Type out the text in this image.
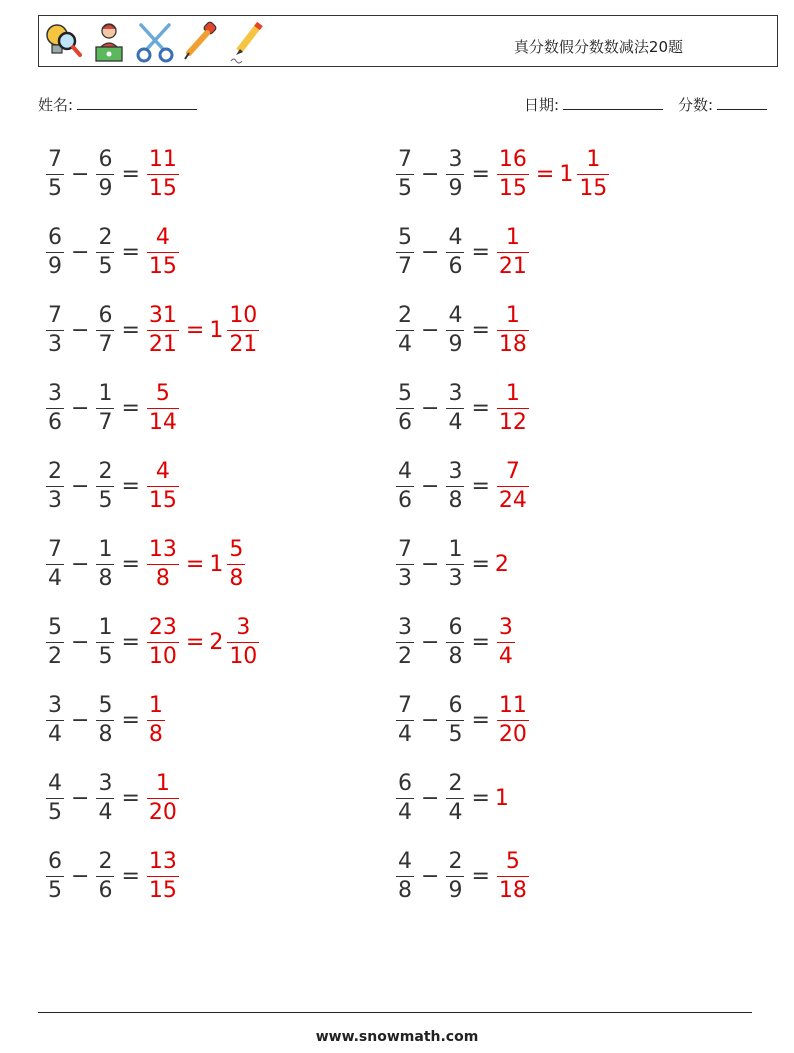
真分数假分数数减法20题
姓名:	日期:	分数:
$\frac{7}{5} - \frac{6}{9} = \frac{11}{15}$	$\frac{7}{5} - \frac{3}{9} = \frac{16}{15} = 1 \frac{1}{15}$
$\frac{6}{9} - \frac{2}{5} = \frac{4}{15}$	$\frac{5}{7} - \frac{4}{6} = \frac{1}{21}$
$\frac{7}{3} - \frac{6}{7} = \frac{31}{21} = 1 \frac{10}{21}$	$\frac{2}{4} - \frac{4}{9} = \frac{1}{18}$
$\frac{3}{6} - \frac{1}{7} = \frac{5}{14}$	$\frac{5}{6} - \frac{3}{4} = \frac{1}{12}$
$\frac{2}{3} - \frac{2}{5} = \frac{4}{15}$	$\frac{4}{6} - \frac{3}{8} = \frac{7}{24}$
$\frac{7}{4} - \frac{1}{8} = \frac{13}{8} = 1 \frac{5}{8}$	$\frac{7}{3} - \frac{1}{3} = 2$
$\frac{5}{2} - \frac{1}{5} = \frac{23}{10} = 2 \frac{3}{10}$	$\frac{3}{2} - \frac{6}{8} = \frac{3}{4}$
$\frac{3}{4} - \frac{5}{8} = \frac{1}{8}$	$\frac{7}{4} - \frac{6}{5} = \frac{11}{20}$
$\frac{4}{5} - \frac{3}{4} = \frac{1}{20}$	$\frac{6}{4} - \frac{2}{4} = 1$
$\frac{6}{5} - \frac{2}{6} = \frac{13}{15}$	$\frac{4}{8} - \frac{2}{9} = \frac{5}{18}$
www.snowmath.com
